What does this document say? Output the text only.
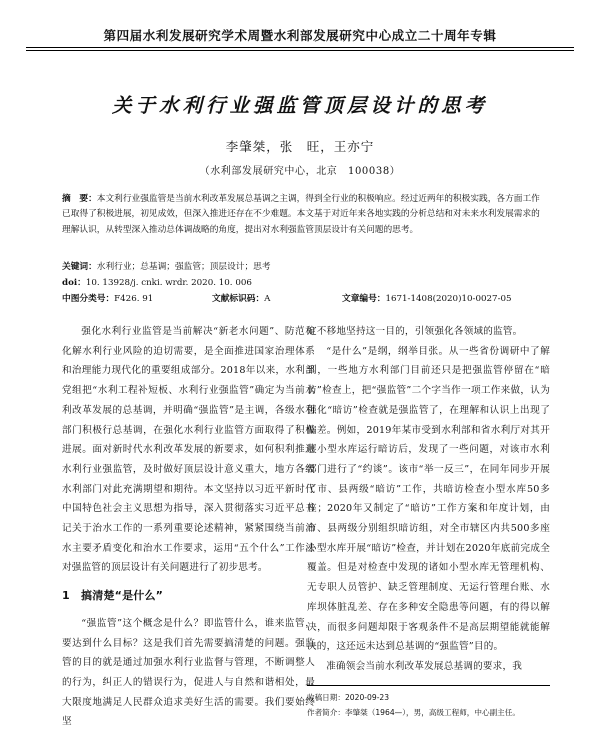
第四届水利发展研究学术周暨水利部发展研究中心成立二十周年专辑
关于水利行业强监管顶层设计的思考
李肇桀，张　旺，王亦宁
（水利部发展研究中心，北京　100038）
摘　要：本文利行业强监管是当前水利改革发展总基调之主调，得到全行业的积极响应。经过近两年的积极实践，各方面工作已取得了积极进展，初见成效，但深入推进还存在不少难题。本文基于对近年来各地实践的分析总结和对未来水利发展需求的理解认识，从转型深入推动总体调战略的角度，提出对水利强监管顶层设计有关问题的思考。
关键词：水利行业；总基调；强监管；顶层设计；思考
doi：10. 13928/j. cnki. wrdr. 2020. 10. 006
中图分类号：F426. 91	文献标识码：A	文章编号：1671-1408(2020)10-0027-05

强化水利行业监管是当前解决“新老水问题”、防范和化解水利行业风险的迫切需要，是全面推进国家治理体系和治理能力现代化的重要组成部分。2018年以来，水利部党组把“水利工程补短板、水利行业强监管”确定为当前水利改革发展的总基调，并明确“强监管”是主调，各级水利部门积极行总基调，在强化水利行业监管方面取得了积极进展。面对新时代水利改革发展的新要求，如何积利推进水利行业强监管，及时做好顶层设计意义重大，地方各级水利部门对此充满期望和期待。本文坚持以习近平新时代中国特色社会主义思想为指导，深入贯彻落实习近平总书记关于治水工作的一系列重要论述精神，紧紧围绕当前治水主要矛盾变化和治水工作要求，运用“五个什么”工作法对强监管的顶层设计有关问题进行了初步思考。

1　搞清楚“是什么”

“强监管”这个概念是什么？即监管什么，谁来监管，要达到什么目标？这是我们首先需要搞清楚的问题。强监管的目的就是通过加强水利行业监督与管理，不断调整人的行为，纠正人的错误行为，促进人与自然和谐相处，最大限度地满足人民群众追求美好生活的需要。我们要始终坚

定不移地坚持这一目的，引领强化各领域的监管。

“是什么”是纲，纲举目张。从一些省份调研中了解到，一些地方水利部门目前还只是把强监管停留在“暗访”检查上，把“强监管”二个字当作一项工作来做，认为强化“暗访”检查就是强监管了，在理解和认识上出现了偏差。例如，2019年某市受到水利部和省水利厅对其开展小型水库运行暗访后，发现了一些问题，对该市水利部门进行了“约谈”。该市“举一反三”，在同年同步开展了市、县两级“暗访”工作，共暗访检查小型水库50多座；2020年又制定了“暗访”工作方案和年度计划，由市、县两级分别组织暗访组，对全市辖区内共500多座小型水库开展“暗访”检查，并计划在2020年底前完成全覆盖。但是对检查中发现的诸如小型水库无管理机构、无专职人员管护、缺乏管理制度、无运行管理台账、水库坝体脏乱差、存在多种安全隐患等问题，有的得以解决，而很多问题却限于客观条件不是高层期望能就能解决的，这还远未达到总基调的“强监管”目的。

准确领会当前水利改革发展总基调的要求，我

收稿日期：2020-09-23
作者简介：李肇桀（1964—），男，高级工程师，中心副主任。
